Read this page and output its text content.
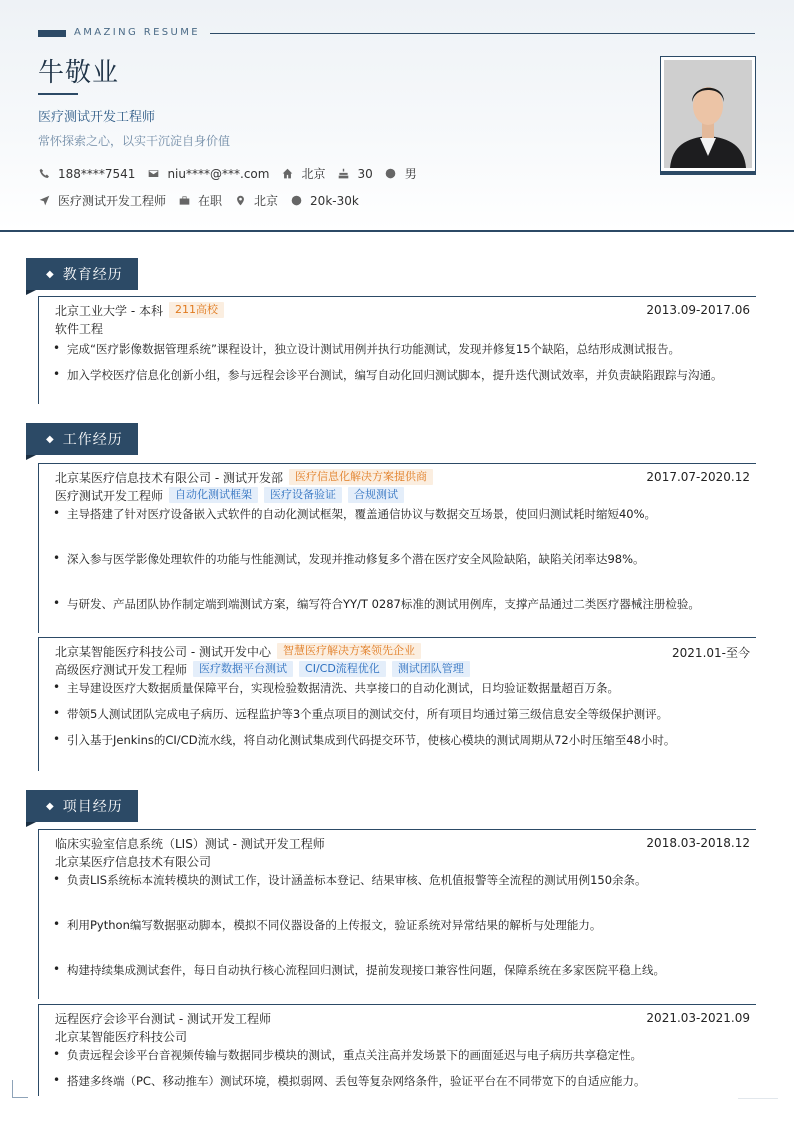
AMAZING RESUME
牛敬业
医疗测试开发工程师
常怀探索之心，以实干沉淀自身价值
188****7541	niu****@***.com	北京	30	男
医疗测试开发工程师	在职	北京	20k-30k
◆ 教育经历
北京工业大学 - 本科	211高校	2013.09-2017.06
软件工程
• 完成“医疗影像数据管理系统”课程设计，独立设计测试用例并执行功能测试，发现并修复15个缺陷，总结形成测试报告。
• 加入学校医疗信息化创新小组，参与远程会诊平台测试，编写自动化回归测试脚本，提升迭代测试效率，并负责缺陷跟踪与沟通。
◆ 工作经历
北京某医疗信息技术有限公司 - 测试开发部	医疗信息化解决方案提供商	2017.07-2020.12
医疗测试开发工程师	自动化测试框架	医疗设备验证	合规测试
• 主导搭建了针对医疗设备嵌入式软件的自动化测试框架，覆盖通信协议与数据交互场景，使回归测试耗时缩短40%。
• 深入参与医学影像处理软件的功能与性能测试，发现并推动修复多个潜在医疗安全风险缺陷，缺陷关闭率达98%。
• 与研发、产品团队协作制定端到端测试方案，编写符合YY/T 0287标准的测试用例库，支撑产品通过二类医疗器械注册检验。
北京某智能医疗科技公司 - 测试开发中心	智慧医疗解决方案领先企业	2021.01-至今
高级医疗测试开发工程师	医疗数据平台测试	CI/CD流程优化	测试团队管理
• 主导建设医疗大数据质量保障平台，实现检验数据清洗、共享接口的自动化测试，日均验证数据量超百万条。
• 带领5人测试团队完成电子病历、远程监护等3个重点项目的测试交付，所有项目均通过第三级信息安全等级保护测评。
• 引入基于Jenkins的CI/CD流水线，将自动化测试集成到代码提交环节，使核心模块的测试周期从72小时压缩至48小时。
◆ 项目经历
临床实验室信息系统（LIS）测试 - 测试开发工程师	2018.03-2018.12
北京某医疗信息技术有限公司
• 负责LIS系统标本流转模块的测试工作，设计涵盖标本登记、结果审核、危机值报警等全流程的测试用例150余条。
• 利用Python编写数据驱动脚本，模拟不同仪器设备的上传报文，验证系统对异常结果的解析与处理能力。
• 构建持续集成测试套件，每日自动执行核心流程回归测试，提前发现接口兼容性问题，保障系统在多家医院平稳上线。
远程医疗会诊平台测试 - 测试开发工程师	2021.03-2021.09
北京某智能医疗科技公司
• 负责远程会诊平台音视频传输与数据同步模块的测试，重点关注高并发场景下的画面延迟与电子病历共享稳定性。
• 搭建多终端（PC、移动推车）测试环境，模拟弱网、丢包等复杂网络条件，验证平台在不同带宽下的自适应能力。
